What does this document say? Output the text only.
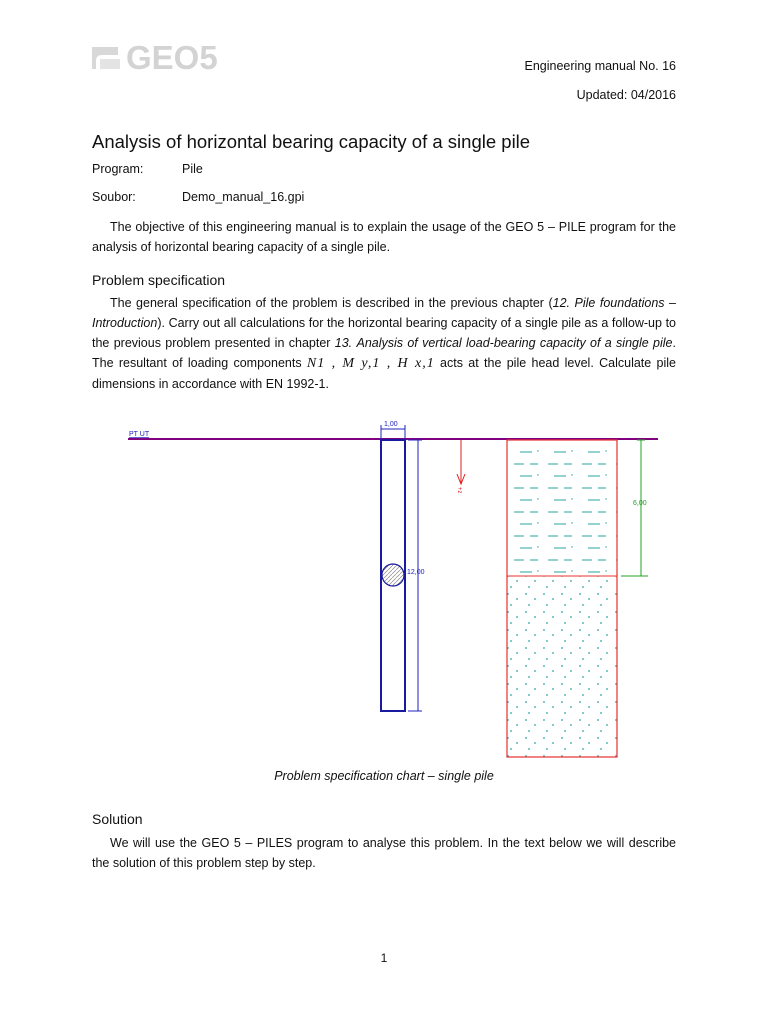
GEO5	Engineering manual No. 16
Updated: 04/2016
Analysis of horizontal bearing capacity of a single pile
Program:	Pile
Soubor:	Demo_manual_16.gpi

The objective of this engineering manual is to explain the usage of the GEO 5 – PILE program for the analysis of horizontal bearing capacity of a single pile.

Problem specification

The general specification of the problem is described in the previous chapter (12. Pile foundations – Introduction). Carry out all calculations for the horizontal bearing capacity of a single pile as a follow-up to the previous problem presented in chapter 13. Analysis of vertical load-bearing capacity of a single pile. The resultant of loading components N1 , M y,1 , H x,1 acts at the pile head level. Calculate pile dimensions in accordance with EN 1992-1.

PT UT
1,00
12,00
+z
6,00
Problem specification chart – single pile
Solution

We will use the GEO 5 – PILES program to analyse this problem. In the text below we will describe the solution of this problem step by step.

1
